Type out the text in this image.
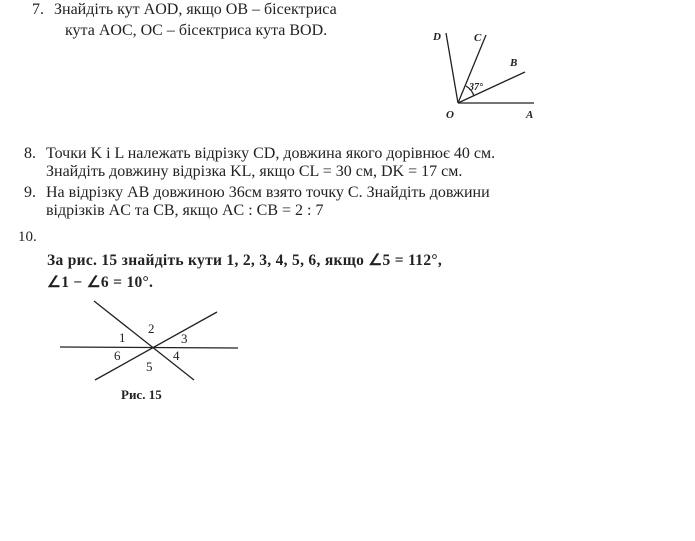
7. Знайдіть кут AOD, якщо OB – бісектриса
кута AOC, OC – бісектриса кута BOD.	D	C
B
A
O
37°
1
2
3
4
5
6
Рис. 15
8. Точки K і L належать відрізку CD, довжина якого дорівнює 40 см.
Знайдіть довжину відрізка KL, якщо CL = 30 см, DK = 17 см.
9. На відрізку AB довжиною 36см взято точку C. Знайдіть довжини
відрізків AC та CB, якщо AC : CB = 2 : 7
10.
За рис. 15 знайдіть кути 1, 2, 3, 4, 5, 6, якщо ∠5 = 112°,
∠1 − ∠6 = 10°.
